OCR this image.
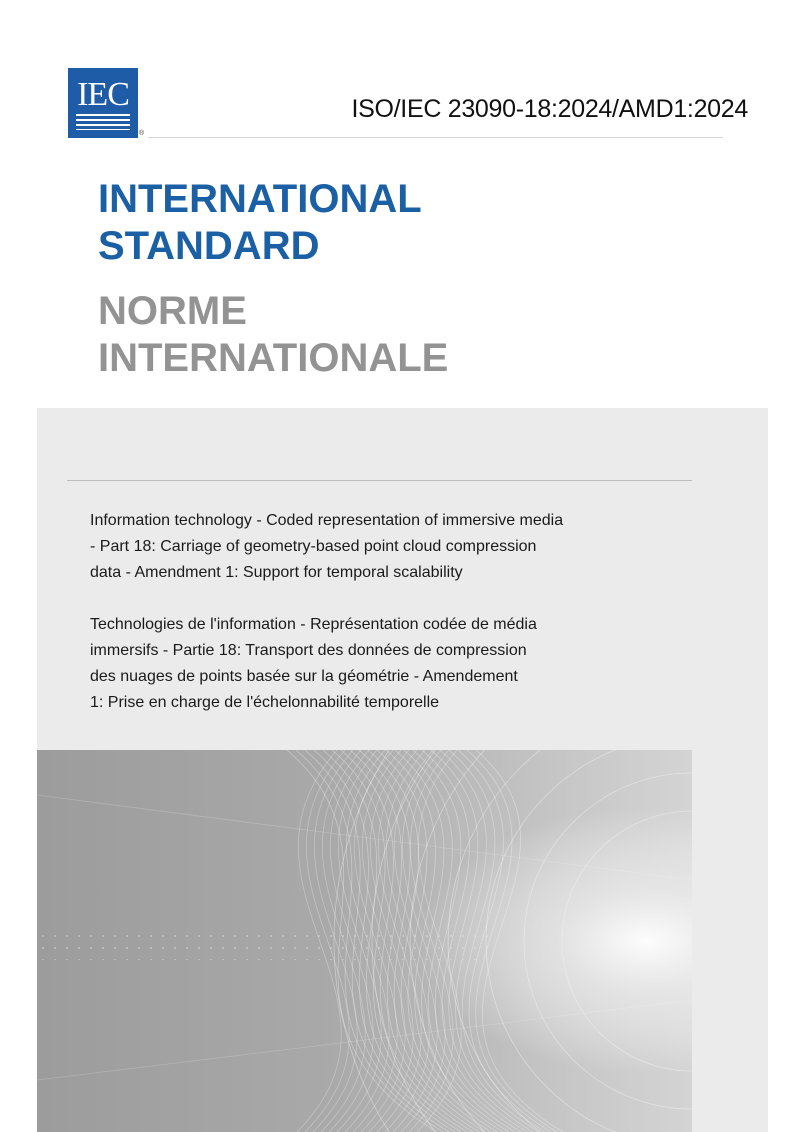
IEC
®
ISO/IEC 23090-18:2024/AMD1:2024
INTERNATIONAL
STANDARD
NORME
INTERNATIONALE
Information technology - Coded representation of immersive media
- Part 18: Carriage of geometry-based point cloud compression
data - Amendment 1: Support for temporal scalability
Technologies de l'information - Représentation codée de média
immersifs - Partie 18: Transport des données de compression
des nuages de points basée sur la géométrie - Amendement
1: Prise en charge de l'échelonnabilité temporelle
